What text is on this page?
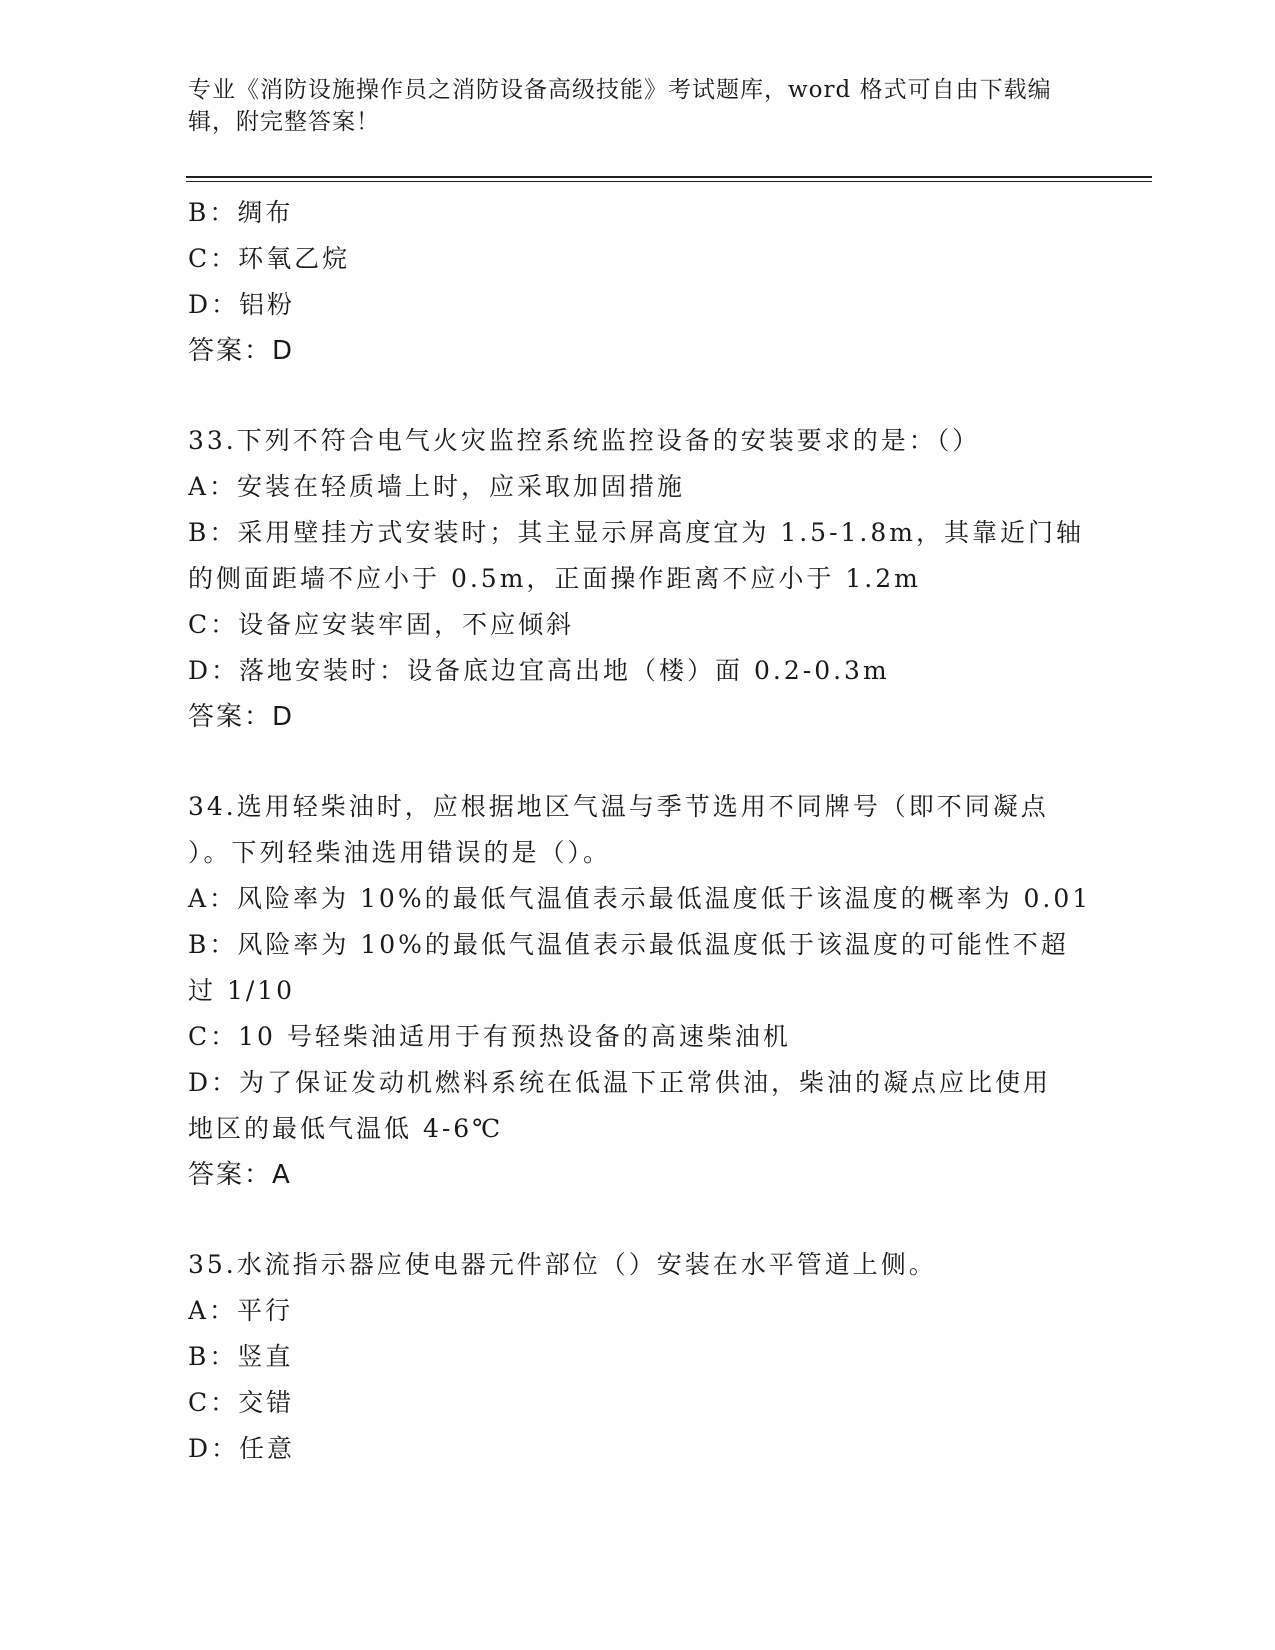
专业《消防设施操作员之消防设备高级技能》考试题库，word 格式可自由下载编
辑，附完整答案！
B：绸布
C：环氧乙烷
D：铝粉
答案：D
33.下列不符合电气火灾监控系统监控设备的安装要求的是：（）
A：安装在轻质墙上时，应采取加固措施
B：采用壁挂方式安装时；其主显示屏高度宜为 1.5-1.8m，其靠近门轴
的侧面距墙不应小于 0.5m，正面操作距离不应小于 1.2m
C：设备应安装牢固，不应倾斜
D：落地安装时：设备底边宜高出地（楼）面 0.2-0.3m
答案：D
34.选用轻柴油时，应根据地区气温与季节选用不同牌号（即不同凝点
）。下列轻柴油选用错误的是（）。
A：风险率为 10%的最低气温值表示最低温度低于该温度的概率为 0.01
B：风险率为 10%的最低气温值表示最低温度低于该温度的可能性不超
过 1/10
C：10 号轻柴油适用于有预热设备的高速柴油机
D：为了保证发动机燃料系统在低温下正常供油，柴油的凝点应比使用
地区的最低气温低 4-6℃
答案：A
35.水流指示器应使电器元件部位（）安装在水平管道上侧。
A：平行
B：竖直
C：交错
D：任意
